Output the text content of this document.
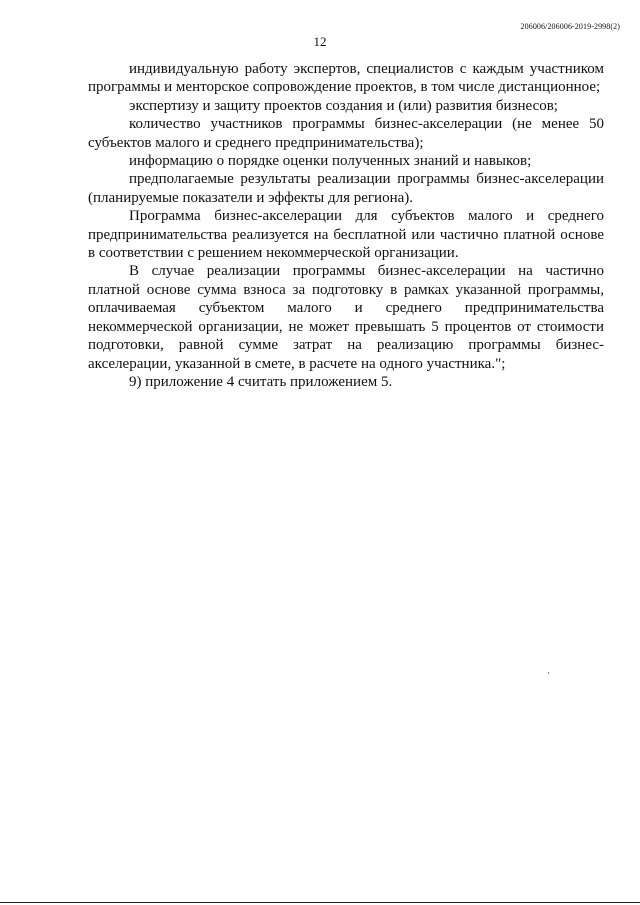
206006/206006-2019-2998(2)
12

индивидуальную работу экспертов, специалистов с каждым участником программы и менторское сопровождение проектов, в том числе дистанционное;

экспертизу и защиту проектов создания и (или) развития бизнесов;

количество участников программы бизнес-акселерации (не менее 50 субъектов малого и среднего предпринимательства);

информацию о порядке оценки полученных знаний и навыков;

предполагаемые результаты реализации программы бизнес-акселерации (планируемые показатели и эффекты для региона).

Программа бизнес-акселерации для субъектов малого и среднего предпринимательства реализуется на бесплатной или частично платной основе в соответствии с решением некоммерческой организации.

В случае реализации программы бизнес-акселерации на частично платной основе сумма взноса за подготовку в рамках указанной программы, оплачиваемая субъектом малого и среднего предпринимательства некоммерческой организации, не может превышать 5 процентов от стоимости подготовки, равной сумме затрат на реализацию программы бизнес-акселерации, указанной в смете, в расчете на одного участника.";

9) приложение 4 считать приложением 5.
